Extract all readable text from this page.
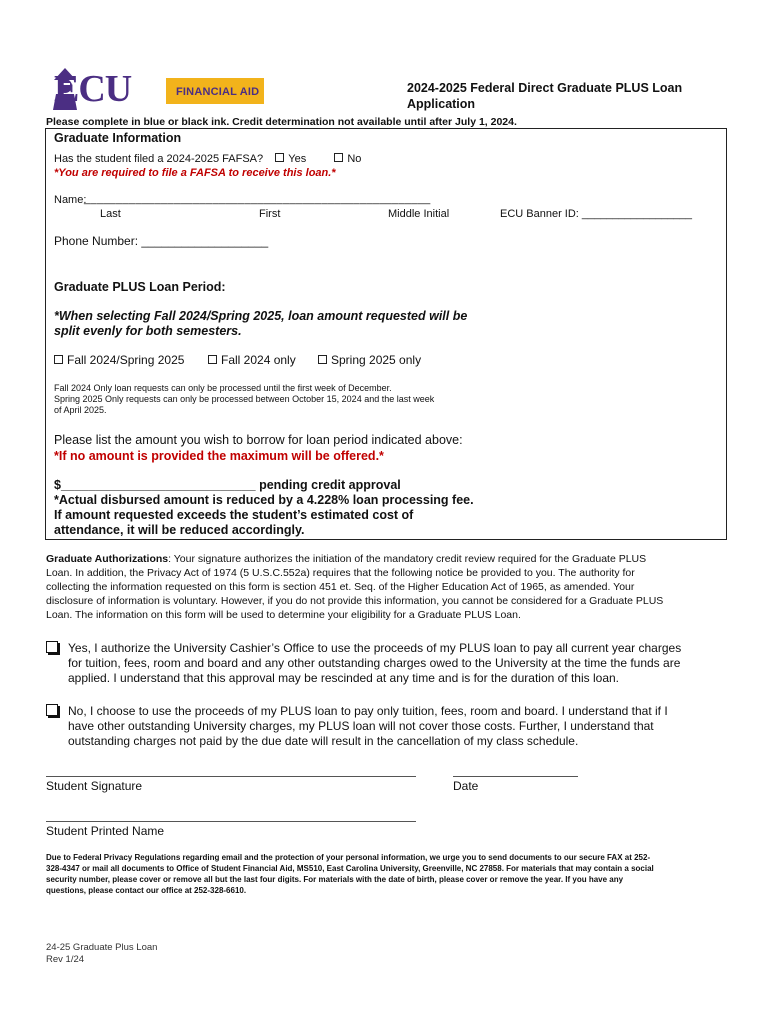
ECU	FINANCIAL AID	2024-2025 Federal Direct Graduate PLUS Loan Application
Please complete in blue or black ink. Credit determination not available until after July 1, 2024.
Graduate Information
Has the student filed a 2024-2025 FAFSA? Yes	No
*You are required to file a FAFSA to receive this loan.*
Name:
______________________________________________________
Last	First	Middle Initial	ECU Banner ID: __________________
Phone Number: ___________________
Graduate PLUS Loan Period:
*When selecting Fall 2024/Spring 2025, loan amount requested will be
split evenly for both semesters.
Fall 2024/Spring 2025	Fall 2024 only	Spring 2025 only
Fall 2024 Only loan requests can only be processed until the first week of December.
Spring 2025 Only requests can only be processed between October 15, 2024 and the last week
of April 2025.
Please list the amount you wish to borrow for loan period indicated above:
*If no amount is provided the maximum will be offered.*
$____________________________ pending credit approval
*Actual disbursed amount is reduced by a 4.228% loan processing fee.
If amount requested exceeds the student’s estimated cost of
attendance, it will be reduced accordingly.
Graduate Authorizations: Your signature authorizes the initiation of the mandatory credit review required for the Graduate PLUS
Loan. In addition, the Privacy Act of 1974 (5 U.S.C.552a) requires that the following notice be provided to you. The authority for
collecting the information requested on this form is section 451 et. Seq. of the Higher Education Act of 1965, as amended. Your
disclosure of information is voluntary. However, if you do not provide this information, you cannot be considered for a Graduate PLUS
Loan. The information on this form will be used to determine your eligibility for a Graduate PLUS Loan.
Yes, I authorize the University Cashier’s Office to use the proceeds of my PLUS loan to pay all current year charges
for tuition, fees, room and board and any other outstanding charges owed to the University at the time the funds are
applied. I understand that this approval may be rescinded at any time and is for the duration of this loan.
No, I choose to use the proceeds of my PLUS loan to pay only tuition, fees, room and board. I understand that if I
have other outstanding University charges, my PLUS loan will not cover those costs. Further, I understand that
outstanding charges not paid by the due date will result in the cancellation of my class schedule.
Student Signature	Date
Student Printed Name
Due to Federal Privacy Regulations regarding email and the protection of your personal information, we urge you to send documents to our secure FAX at 252-
328-4347 or mail all documents to Office of Student Financial Aid, MS510, East Carolina University, Greenville, NC 27858. For materials that may contain a social
security number, please cover or remove all but the last four digits. For materials with the date of birth, please cover or remove the year. If you have any
questions, please contact our office at 252-328-6610.
24-25 Graduate Plus Loan
Rev 1/24
